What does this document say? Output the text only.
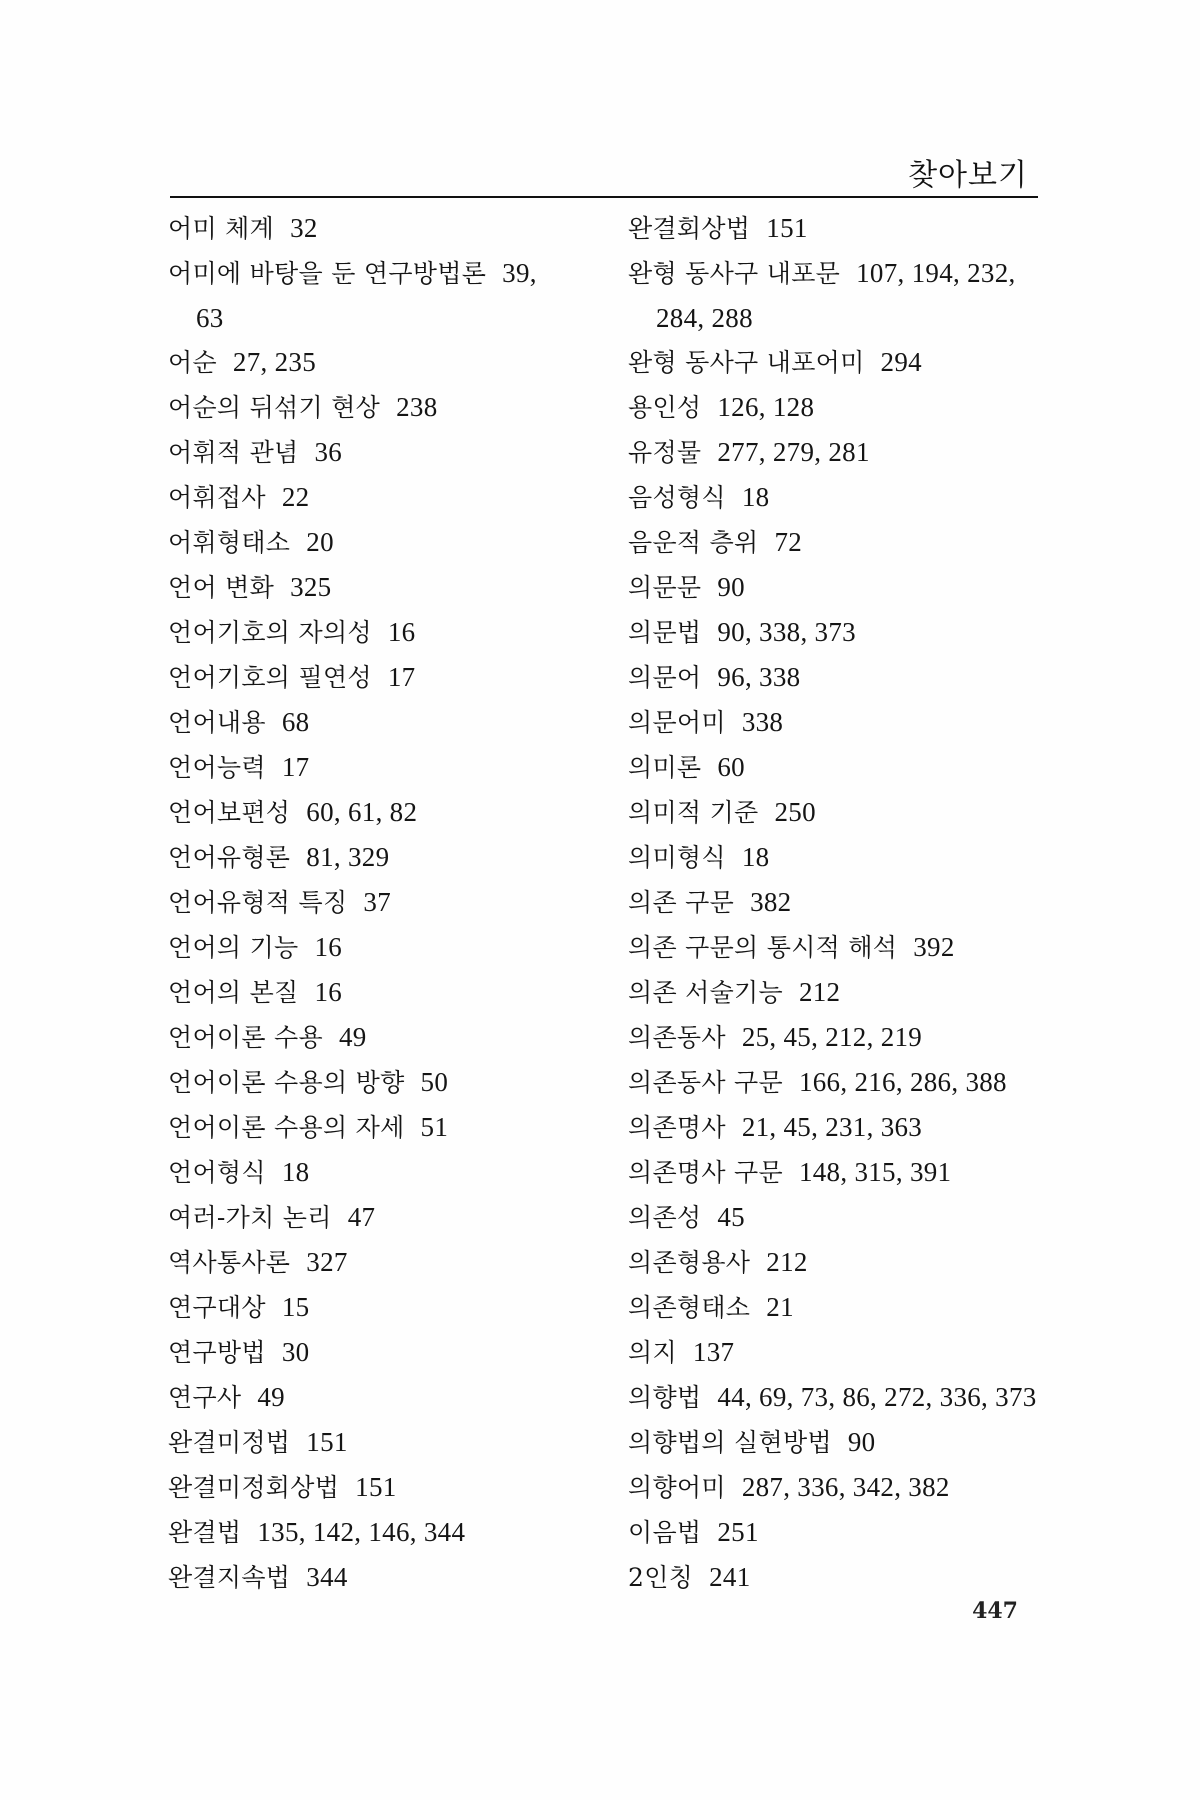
찾아보기
어미 체계 32
어미에 바탕을 둔 연구방법론 39,
63
어순 27, 235
어순의 뒤섞기 현상 238
어휘적 관념 36
어휘접사 22
어휘형태소 20
언어 변화 325
언어기호의 자의성 16
언어기호의 필연성 17
언어내용 68
언어능력 17
언어보편성 60, 61, 82
언어유형론 81, 329
언어유형적 특징 37
언어의 기능 16
언어의 본질 16
언어이론 수용 49
언어이론 수용의 방향 50
언어이론 수용의 자세 51
언어형식 18
여러-가치 논리 47
역사통사론 327
연구대상 15
연구방법 30
연구사 49
완결미정법 151
완결미정회상법 151
완결법 135, 142, 146, 344
완결지속법 344
완결회상법 151
완형 동사구 내포문 107, 194, 232,
284, 288
완형 동사구 내포어미 294
용인성 126, 128
유정물 277, 279, 281
음성형식 18
음운적 층위 72
의문문 90
의문법 90, 338, 373
의문어 96, 338
의문어미 338
의미론 60
의미적 기준 250
의미형식 18
의존 구문 382
의존 구문의 통시적 해석 392
의존 서술기능 212
의존동사 25, 45, 212, 219
의존동사 구문 166, 216, 286, 388
의존명사 21, 45, 231, 363
의존명사 구문 148, 315, 391
의존성 45
의존형용사 212
의존형태소 21
의지 137
의향법 44, 69, 73, 86, 272, 336, 373
의향법의 실현방법 90
의향어미 287, 336, 342, 382
이음법 251
2인칭 241
447
